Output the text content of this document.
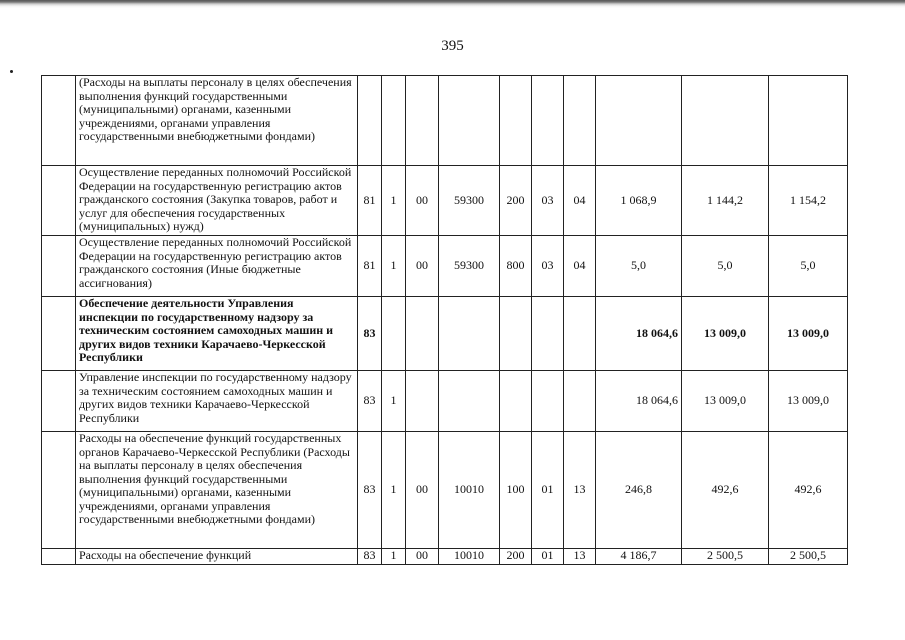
395
	(Расходы на выплаты персоналу в целях обеспечения выполнения функций государственными (муниципальными) органами, казенными учреждениями, органами управления государственными внебюджетными фондами)										
	Осуществление переданных полномочий Российской Федерации на государственную регистрацию актов гражданского состояния (Закупка товаров, работ и услуг для обеспечения государственных (муниципальных) нужд)	81	1	00	59300	200	03	04	1 068,9	1 144,2	1 154,2
	Осуществление переданных полномочий Российской Федерации на государственную регистрацию актов гражданского состояния (Иные бюджетные ассигнования)	81	1	00	59300	800	03	04	5,0	5,0	5,0
	Обеспечение деятельности Управления инспекции по государственному надзору за техническим состоянием самоходных машин и других видов техники Карачаево-Черкесской Республики	83							18 064,6	13 009,0	13 009,0
	Управление инспекции по государственному надзору за техническим состоянием самоходных машин и других видов техники Карачаево-Черкесской Республики	83	1						18 064,6	13 009,0	13 009,0
	Расходы на обеспечение функций государственных органов Карачаево-Черкесской Республики (Расходы на выплаты персоналу в целях обеспечения выполнения функций государственными (муниципальными) органами, казенными учреждениями, органами управления государственными внебюджетными фондами)	83	1	00	10010	100	01	13	246,8	492,6	492,6
	Расходы на обеспечение функций	83	1	00	10010	200	01	13	4 186,7	2 500,5	2 500,5
